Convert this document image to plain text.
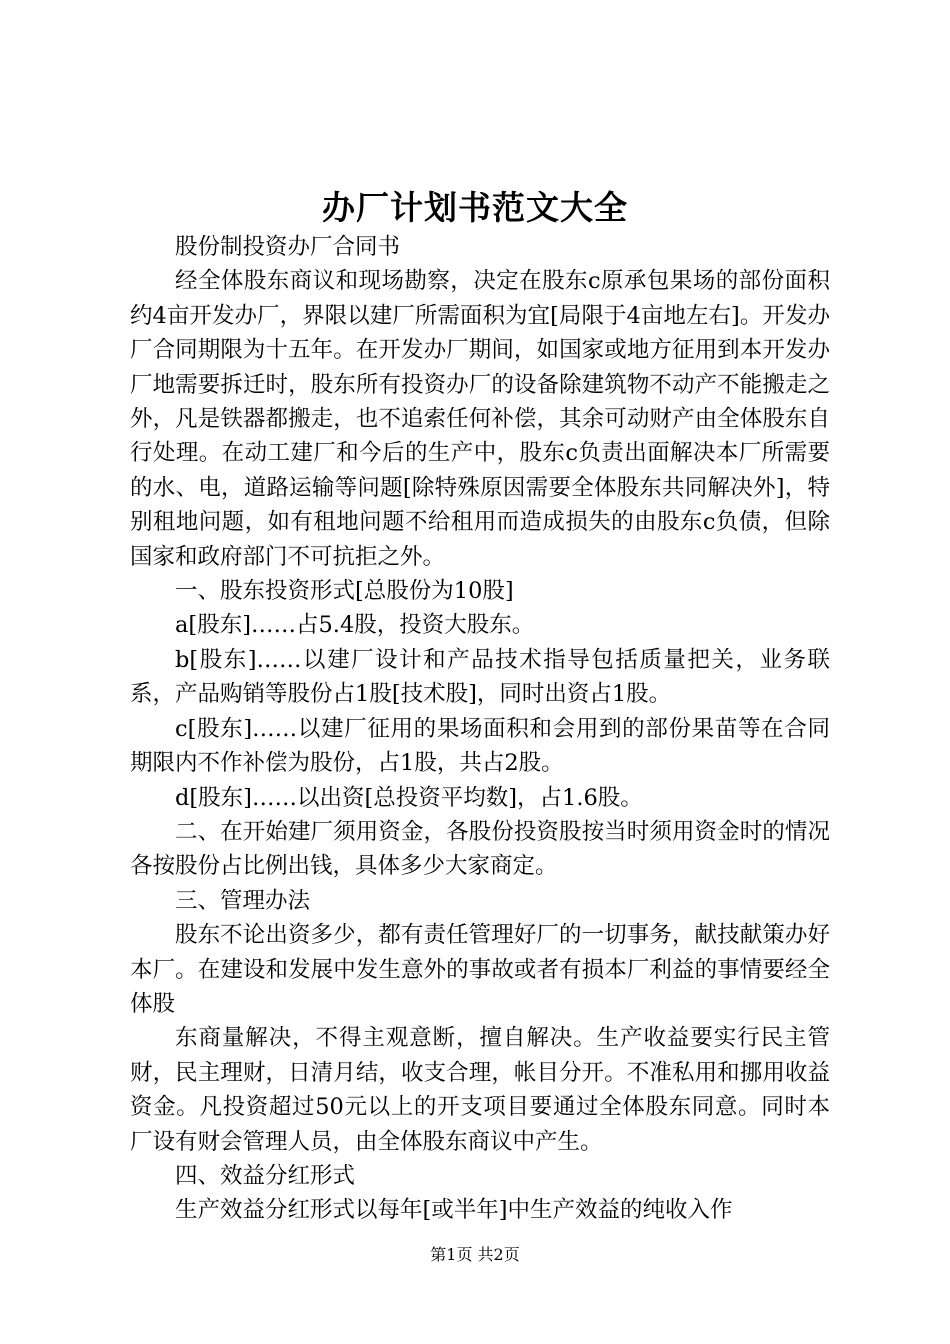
办厂计划书范文大全

股份制投资办厂合同书

经全体股东商议和现场勘察，决定在股东c原承包果场的部份面积约4亩开发办厂，界限以建厂所需面积为宜[局限于4亩地左右]。开发办厂合同期限为十五年。在开发办厂期间，如国家或地方征用到本开发办厂地需要拆迁时，股东所有投资办厂的设备除建筑物不动产不能搬走之外，凡是铁器都搬走，也不追索任何补偿，其余可动财产由全体股东自行处理。在动工建厂和今后的生产中，股东c负责出面解决本厂所需要的水、电，道路运输等问题[除特殊原因需要全体股东共同解决外]，特别租地问题，如有租地问题不给租用而造成损失的由股东c负债，但除国家和政府部门不可抗拒之外。

一、股东投资形式[总股份为10股]

a[股东]……占5.4股，投资大股东。

b[股东]……以建厂设计和产品技术指导包括质量把关，业务联系，产品购销等股份占1股[技术股]，同时出资占1股。

c[股东]……以建厂征用的果场面积和会用到的部份果苗等在合同期限内不作补偿为股份，占1股，共占2股。

d[股东]……以出资[总投资平均数]，占1.6股。

二、在开始建厂须用资金，各股份投资股按当时须用资金时的情况各按股份占比例出钱，具体多少大家商定。

三、管理办法

股东不论出资多少，都有责任管理好厂的一切事务，献技献策办好本厂。在建设和发展中发生意外的事故或者有损本厂利益的事情要经全体股

东商量解决，不得主观意断，擅自解决。生产收益要实行民主管财，民主理财，日清月结，收支合理，帐目分开。不准私用和挪用收益资金。凡投资超过50元以上的开支项目要通过全体股东同意。同时本厂设有财会管理人员，由全体股东商议中产生。

四、效益分红形式

生产效益分红形式以每年[或半年]中生产效益的纯收入作

第1页 共2页
